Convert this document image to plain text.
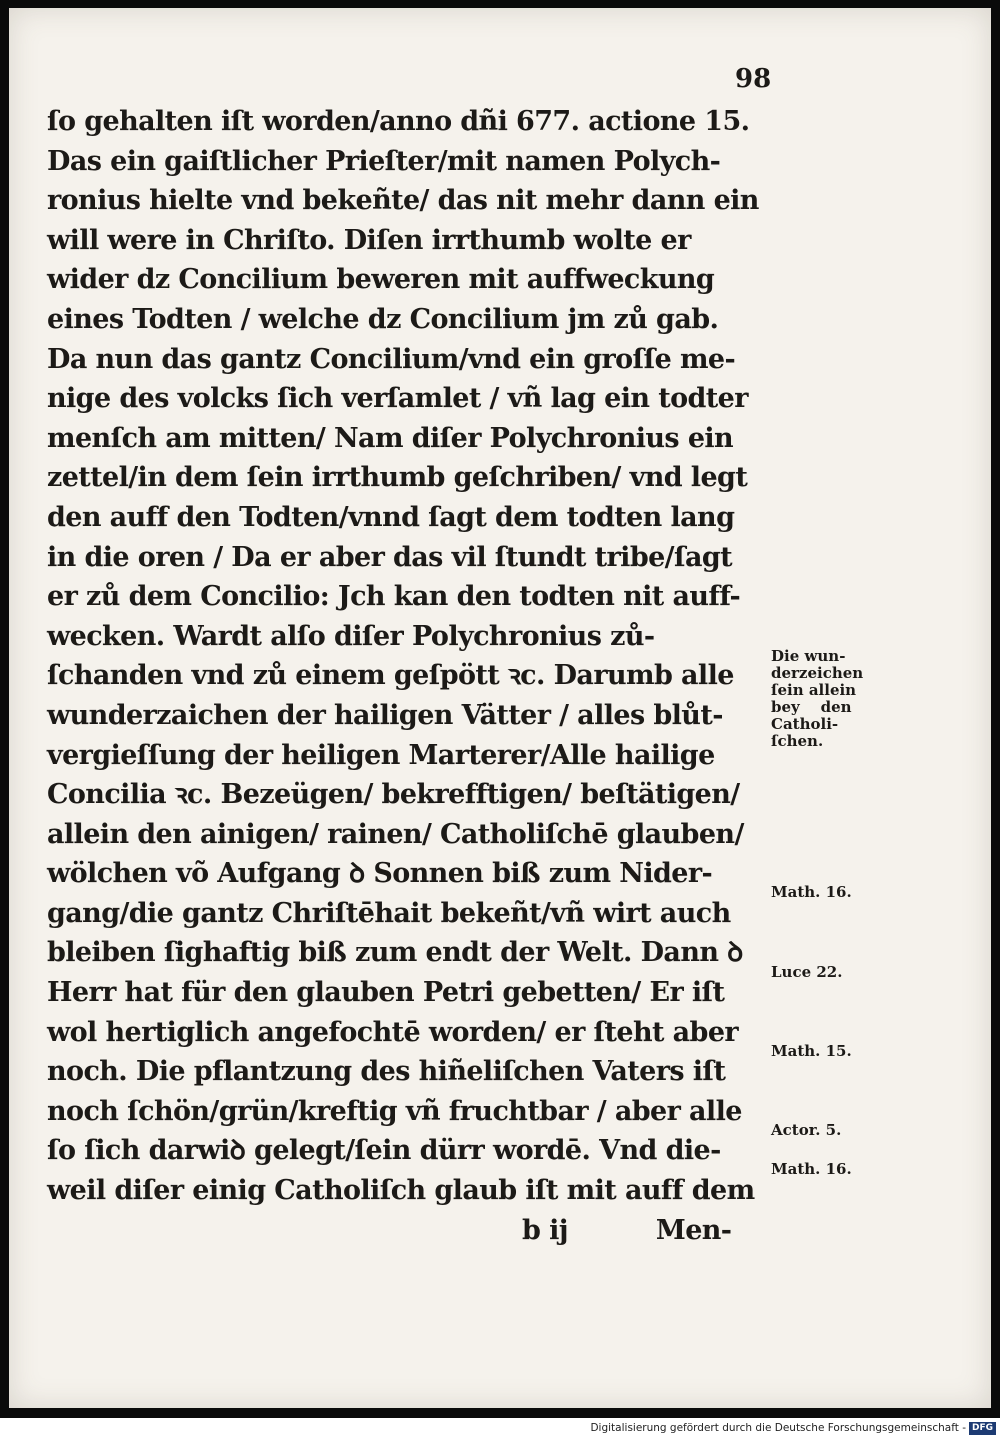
98
ſo gehalten iſt worden/anno dñi 677. actione 15.
Das ein gaiſtlicher Prieſter/mit namen Polych-
ronius hielte vnd bekeñte/ das nit mehr dann ein
will were in Chriſto. Diſen irrthumb wolte er
wider dz Concilium beweren mit auffweckung
eines Todten / welche dz Concilium jm zů gab.
Da nun das gantz Concilium/vnd ein groſſe me-
nige des volcks ſich verſamlet / vñ lag ein todter
menſch am mitten/ Nam diſer Polychronius ein
zettel/in dem ſein irrthumb geſchriben/ vnd legt
den auff den Todten/vnnd ſagt dem todten lang
in die oren / Da er aber das vil ſtundt tribe/ſagt
er zů dem Concilio: Jch kan den todten nit auff-
wecken. Wardt alſo diſer Polychronius zů-
ſchanden vnd zů einem geſpött ꝛc. Darumb alle
wunderzaichen der hailigen Vätter / alles blůt-
vergieſſung der heiligen Marterer/Alle hailige
Concilia ꝛc. Bezeügen/ bekrefftigen/ beſtätigen/
allein den ainigen/ rainen/ Catholiſchē glauben/
wölchen võ Aufgang ꝺ Sonnen biß zum Nider-
gang/die gantz Chriſtēhait bekeñt/vñ wirt auch
bleiben ſighaftig biß zum endt der Welt. Dann ꝺ
Herr hat für den glauben Petri gebetten/ Er iſt
wol hertiglich angefochtē worden/ er ſteht aber
noch. Die pflantzung des hiñeliſchen Vaters iſt
noch ſchön/grün/kreftig vñ fruchtbar / aber alle
ſo ſich darwiꝺ gelegt/ſein dürr wordē. Vnd die-
weil diſer einig Catholiſch glaub iſt mit auff dem
b ij          Men-
Die wun-
derzeichen
ſein allein
bey    den
Catholi-
ſchen.
Math. 16.
Luce 22.
Math. 15.
Actor. 5.
Math. 16.
Digitalisierung gefördert durch die Deutsche Forschungsgemeinschaft - DFG
